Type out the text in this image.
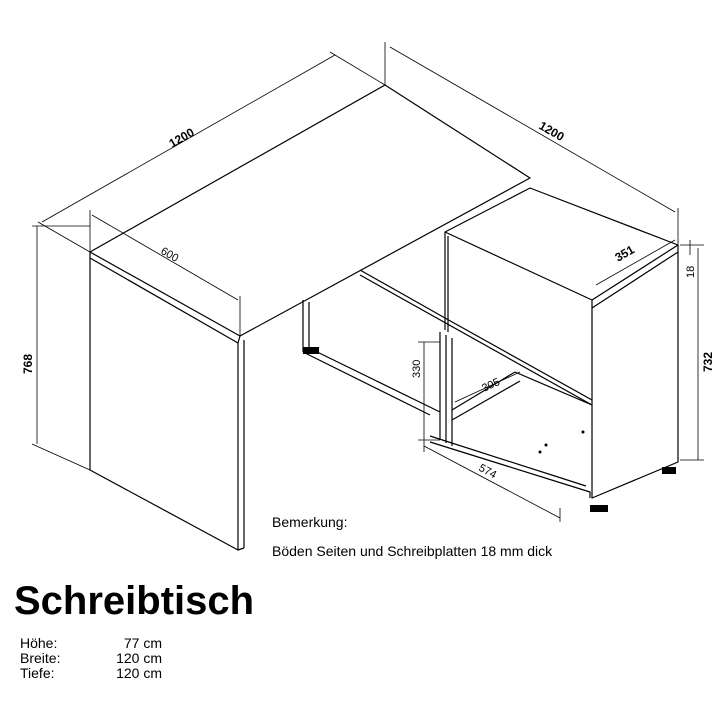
1200	1200
600	351
768	732
18
330
305
574
Bemerkung:
Böden Seiten und Schreibplatten 18 mm dick
Schreibtisch
Höhe:	77 cm
Breite:	120 cm
Tiefe:	120 cm
